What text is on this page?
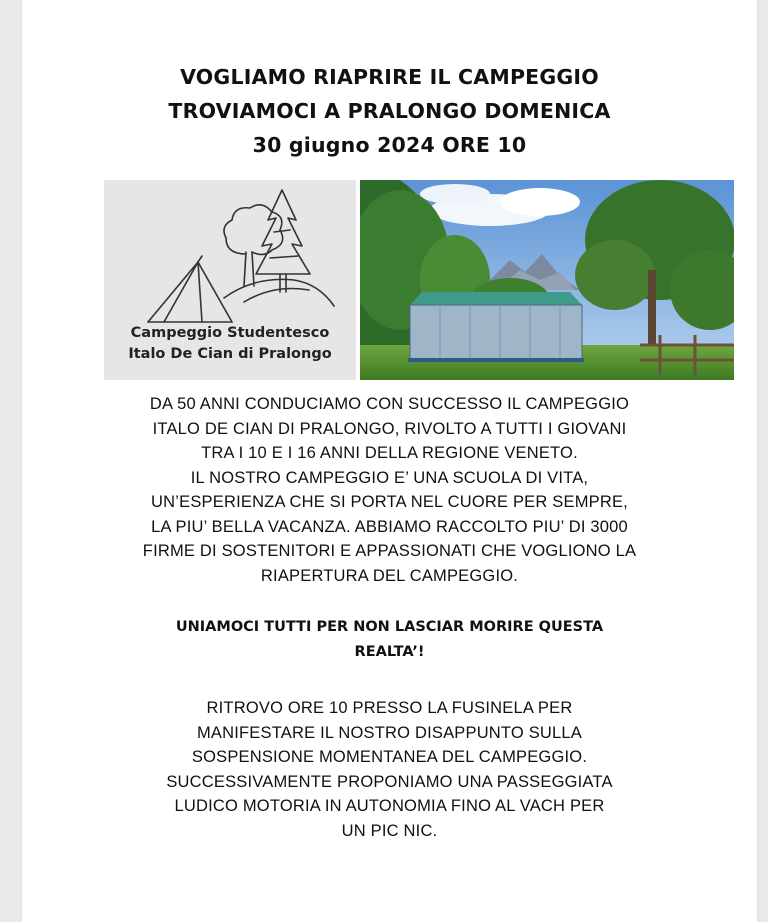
VOGLIAMO RIAPRIRE IL CAMPEGGIO
TROVIAMOCI A PRALONGO DOMENICA
30 giugno 2024 ORE 10
Campeggio Studentesco
Italo De Cian di Pralongo
DA 50 ANNI CONDUCIAMO CON SUCCESSO IL CAMPEGGIO
ITALO DE CIAN DI PRALONGO, RIVOLTO A TUTTI I GIOVANI
TRA I 10 E I 16 ANNI DELLA REGIONE VENETO.
IL NOSTRO CAMPEGGIO E’ UNA SCUOLA DI VITA,
UN’ESPERIENZA CHE SI PORTA NEL CUORE PER SEMPRE,
LA PIU’ BELLA VACANZA. ABBIAMO RACCOLTO PIU’ DI 3000
FIRME DI SOSTENITORI E APPASSIONATI CHE VOGLIONO LA
RIAPERTURA DEL CAMPEGGIO.
UNIAMOCI TUTTI PER NON LASCIAR MORIRE QUESTA
REALTA’!
RITROVO ORE 10 PRESSO LA FUSINELA PER
MANIFESTARE IL NOSTRO DISAPPUNTO SULLA
SOSPENSIONE MOMENTANEA DEL CAMPEGGIO.
SUCCESSIVAMENTE PROPONIAMO UNA PASSEGGIATA
LUDICO MOTORIA IN AUTONOMIA FINO AL VACH PER
UN PIC NIC.
